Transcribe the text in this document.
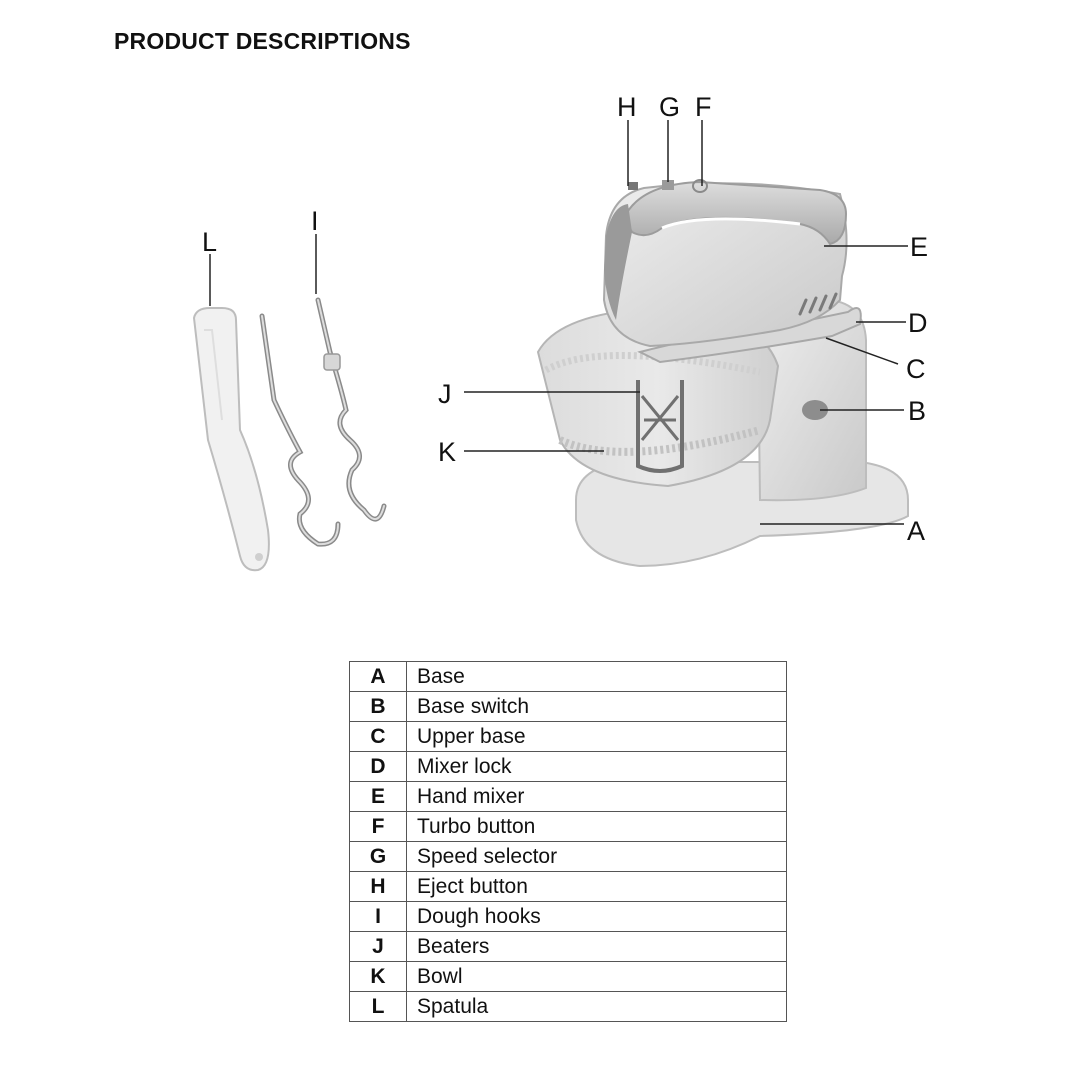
PRODUCT DESCRIPTIONS
H G F
E
D
C
B
A
J
K
I
L
A	Base
B	Base switch
C	Upper base
D	Mixer lock
E	Hand mixer
F	Turbo button
G	Speed selector
H	Eject button
I	Dough hooks
J	Beaters
K	Bowl
L	Spatula
